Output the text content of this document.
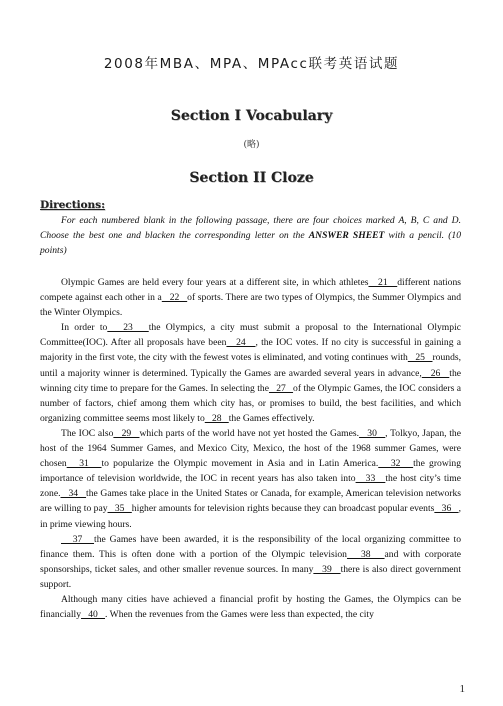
2008年MBA、MPA、MPAcc联考英语试题
Section I Vocabulary
(略)
Section II Cloze
Directions:
For each numbered blank in the following passage, there are four choices marked A, B, C and D. Choose the best one and blacken the corresponding letter on the ANSWER SHEET with a pencil. (10 points)

Olympic Games are held every four years at a different site, in which athletes   21   different nations compete against each other in a   22   of sports. There are two types of Olympics, the Summer Olympics and the Winter Olympics.

In order to   23   the Olympics, a city must submit a proposal to the International Olympic Committee(IOC). After all proposals have been   24   , the IOC votes. If no city is successful in gaining a majority in the first vote, the city with the fewest votes is eliminated, and voting continues with   25   rounds, until a majority winner is determined. Typically the Games are awarded several years in advance,   26   the winning city time to prepare for the Games. In selecting the   27   of the Olympic Games, the IOC considers a number of factors, chief among them which city has, or promises to build, the best facilities, and which organizing committee seems most likely to   28   the Games effectively.

The IOC also   29   which parts of the world have not yet hosted the Games.   30   , Tolkyo, Japan, the host of the 1964 Summer Games, and Mexico City, Mexico, the host of the 1968 summer Games, were chosen   31   to popularize the Olympic movement in Asia and in Latin America.   32   the growing importance of television worldwide, the IOC in recent years has also taken into   33   the host city’s time zone.   34   the Games take place in the United States or Canada, for example, American television networks are willing to pay   35   higher amounts for television rights because they can broadcast popular events   36   , in prime viewing hours.

37   the Games have been awarded, it is the responsibility of the local organizing committee to finance them. This is often done with a portion of the Olympic television   38   and with corporate sponsorships, ticket sales, and other smaller revenue sources. In many   39   there is also direct government support.

Although many cities have achieved a financial profit by hosting the Games, the Olympics can be financially   40   . When the revenues from the Games were less than expected, the city

1
